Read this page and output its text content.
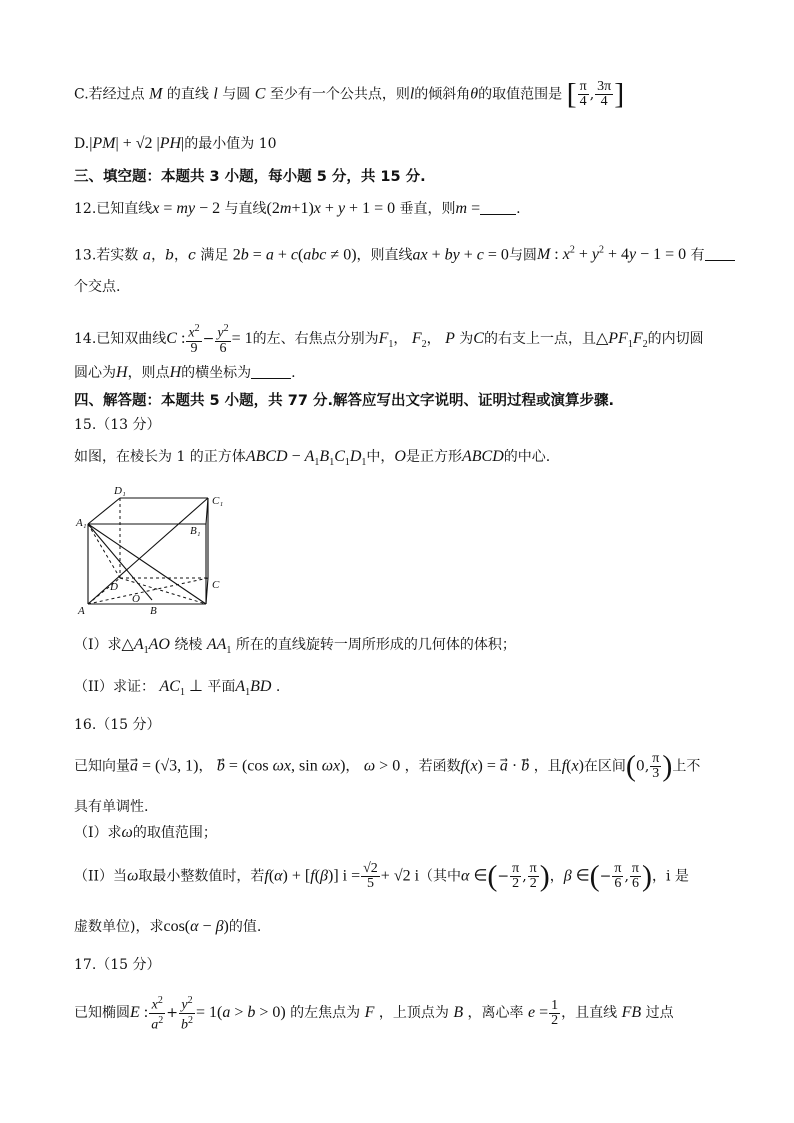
C.若经过点 M 的直线 l 与圆 C 至少有一个公共点，则l的倾斜角θ的取值范围是 [ $\frac{\pi}{4}$ , $\frac{3\pi}{4}$ ]
D.|PM| + √2 |PH|的最小值为 10
三、填空题：本题共 3 小题，每小题 5 分，共 15 分.
12.已知直线x = my − 2 与直线(2m+1)x + y + 1 = 0 垂直，则m =	.
13.若实数 a，b，c 满足 2b = a + c(abc ≠ 0)，则直线ax + by + c = 0与圆M : $x^2 + y^2 + 4y - 1 = 0$ 有
个交点.
14.已知双曲线C : $\frac{x^2}{9} - \frac{y^2}{6} = 1$的左、右焦点分别为$F_1$， $F_2$， P 为C的右支上一点，且$\triangle PF_1F_2$的内切圆
圆心为H，则点H的横坐标为	.
四、解答题：本题共 5 小题，共 77 分.解答应写出文字说明、证明过程或演算步骤.
15.（13 分）
如图，在棱长为 1 的正方体ABCD − $A_1B_1C_1D_1$中，O是正方形ABCD的中心.
A	B
C
D
O
A₁
B₁
C₁
D₁
（I）求$\triangle A_1AO$ 绕棱 $AA_1$ 所在的直线旋转一周所形成的几何体的体积；
（II）求证： $AC_1$ ⊥ 平面$A_1BD$ .
16.（15 分）
已知向量a⃗ = (√3, 1)， b⃗ = (cos ωx, sin ωx)， ω > 0 ，若函数f(x) = a⃗ · b ，且f(x)在区间(0, $\frac{\pi}{3}$ )上不
具有单调性.
（I）求ω的取值范围；
（II）当ω取最小整数值时，若f(α) + [f(β)] $i = \frac{√2}{5} + √2$ i（其中α ∈(− $\frac{\pi}{2}$ , $\frac{\pi}{2}$ )，β ∈(− $\frac{\pi}{6}$ , $\frac{\pi}{6}$ )，i 是
虚数单位)，求cos(α − β)的值.
17.（15 分）
已知椭圆E : $\frac{x^2}{a^2} + \frac{y^2}{b^2} = 1(a > b > 0)$ 的左焦点为 F ，上顶点为 B ，离心率 $e = \frac{1}{2}$ ，且直线 FB 过点
